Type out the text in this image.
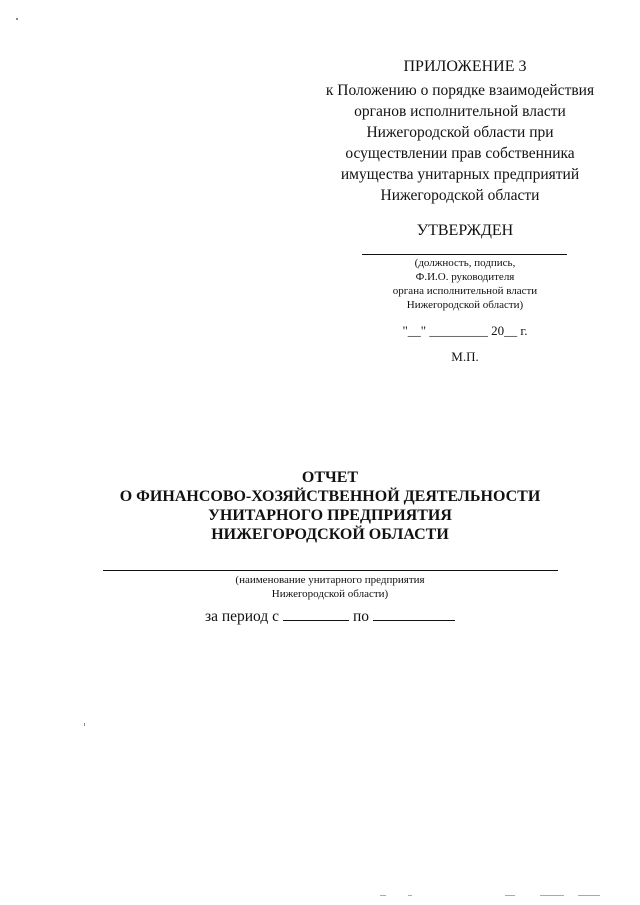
ПРИЛОЖЕНИЕ 3
к Положению о порядке взаимодействия
органов исполнительной власти
Нижегородской области при
осуществлении прав собственника
имущества унитарных предприятий
Нижегородской области
УТВЕРЖДЕН
(должность, подпись,
Ф.И.О. руководителя
органа исполнительной власти
Нижегородской области)
"__" _________ 20__ г.
М.П.
ОТЧЕТ
О ФИНАНСОВО-ХОЗЯЙСТВЕННОЙ ДЕЯТЕЛЬНОСТИ
УНИТАРНОГО ПРЕДПРИЯТИЯ
НИЖЕГОРОДСКОЙ ОБЛАСТИ
(наименование унитарного предприятия
Нижегородской области)
за период с	по
